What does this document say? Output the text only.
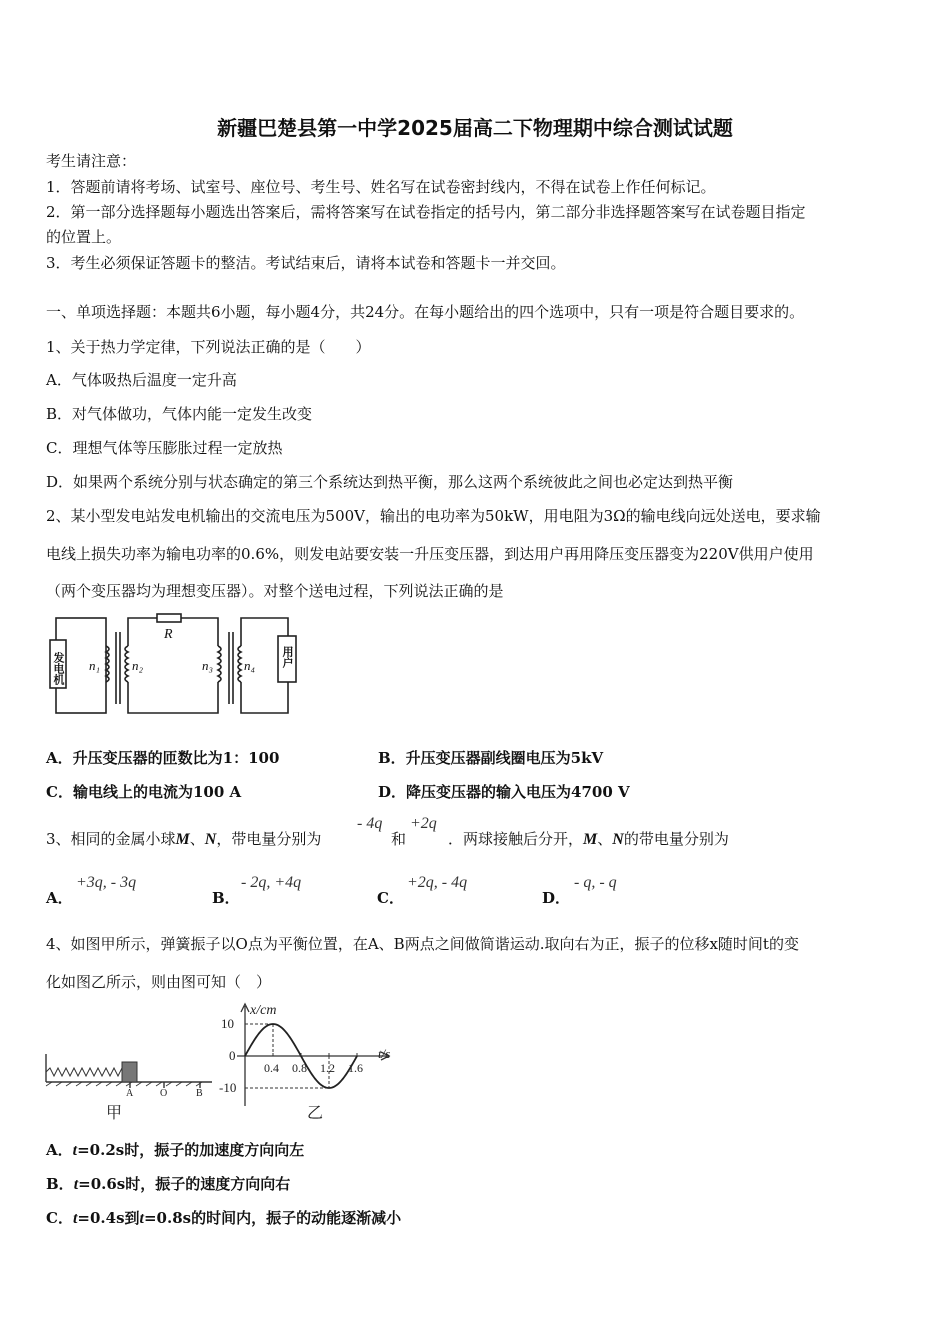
新疆巴楚县第一中学2025届高二下物理期中综合测试试题
考生请注意：
1．答题前请将考场、试室号、座位号、考生号、姓名写在试卷密封线内，不得在试卷上作任何标记。
2．第一部分选择题每小题选出答案后，需将答案写在试卷指定的括号内，第二部分非选择题答案写在试卷题目指定
的位置上。
3．考生必须保证答题卡的整洁。考试结束后，请将本试卷和答题卡一并交回。
一、单项选择题：本题共6小题，每小题4分，共24分。在每小题给出的四个选项中，只有一项是符合题目要求的。
1、关于热力学定律，下列说法正确的是（　　）
A．气体吸热后温度一定升高
B．对气体做功，气体内能一定发生改变
C．理想气体等压膨胀过程一定放热
D．如果两个系统分别与状态确定的第三个系统达到热平衡，那么这两个系统彼此之间也必定达到热平衡
2、某小型发电站发电机输出的交流电压为500V，输出的电功率为50kW，用电阻为3Ω的输电线向远处送电，要求输
电线上损失功率为输电功率的0.6%，则发电站要安装一升压变压器，到达用户再用降压变压器变为220V供用户使用
（两个变压器均为理想变压器）。对整个送电过程，下列说法正确的是
发电机
R
n₁ n₂	n₃ n₄ 用户
A．升压变压器的匝数比为1：100	B．升压变压器副线圈电压为5kV
C．输电线上的电流为100 A	D．降压变压器的输入电压为4700 V
3、相同的金属小球M、N，带电量分别为
- 4q
和
+2q
．两球接触后分开，M、N的带电量分别为
A．
+3q, - 3q
B．
- 2q, +4q
C．
+2q, - 4q
D．
- q, - q
4、如图甲所示，弹簧振子以O点为平衡位置，在A、B两点之间做简谐运动.取向右为正，振子的位移x随时间t的变
化如图乙所示，则由图可知（　）
A	O	B
甲
x/cm
t/s
10
0
-10
0.4 0.8 1.2 1.6
乙
A．t=0.2s时，振子的加速度方向向左
B．t=0.6s时，振子的速度方向向右
C．t=0.4s到t=0.8s的时间内，振子的动能逐渐减小
